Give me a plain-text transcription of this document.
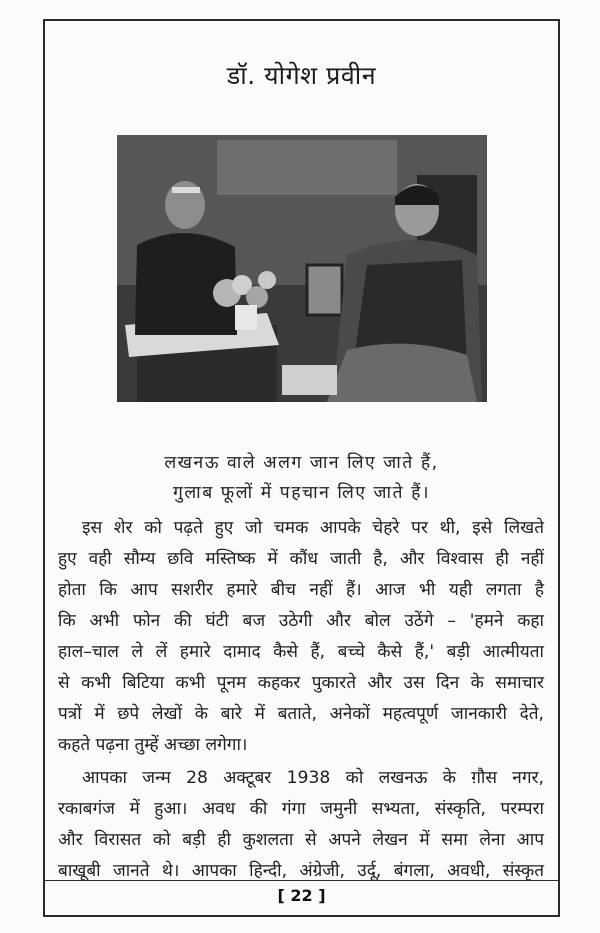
डॉ. योगेश प्रवीन
लखनऊ वाले अलग जान लिए जाते हैं,
गुलाब फूलों में पहचान लिए जाते हैं।
इस शेर को पढ़ते हुए जो चमक आपके चेहरे पर थी, इसे लिखते
हुए वही सौम्य छवि मस्तिष्क में कौंध जाती है, और विश्वास ही नहीं
होता कि आप सशरीर हमारे बीच नहीं हैं। आज भी यही लगता है
कि अभी फोन की घंटी बज उठेगी और बोल उठेंगे – 'हमने कहा
हाल–चाल ले लें हमारे दामाद कैसे हैं, बच्चे कैसे हैं,' बड़ी आत्मीयता
से कभी बिटिया कभी पूनम कहकर पुकारते और उस दिन के समाचार
पत्रों में छपे लेखों के बारे में बताते, अनेकों महत्वपूर्ण जानकारी देते,
कहते पढ़ना तुम्हें अच्छा लगेगा।
आपका जन्म 28 अक्टूबर 1938 को लखनऊ के ग़ौस नगर,
रकाबगंज में हुआ। अवध की गंगा जमुनी सभ्यता, संस्कृति, परम्परा
और विरासत को बड़ी ही कुशलता से अपने लेखन में समा लेना आप
बाखूबी जानते थे। आपका हिन्दी, अंग्रेजी, उर्दू, बंगला, अवधी, संस्कृत
[ 22 ]
